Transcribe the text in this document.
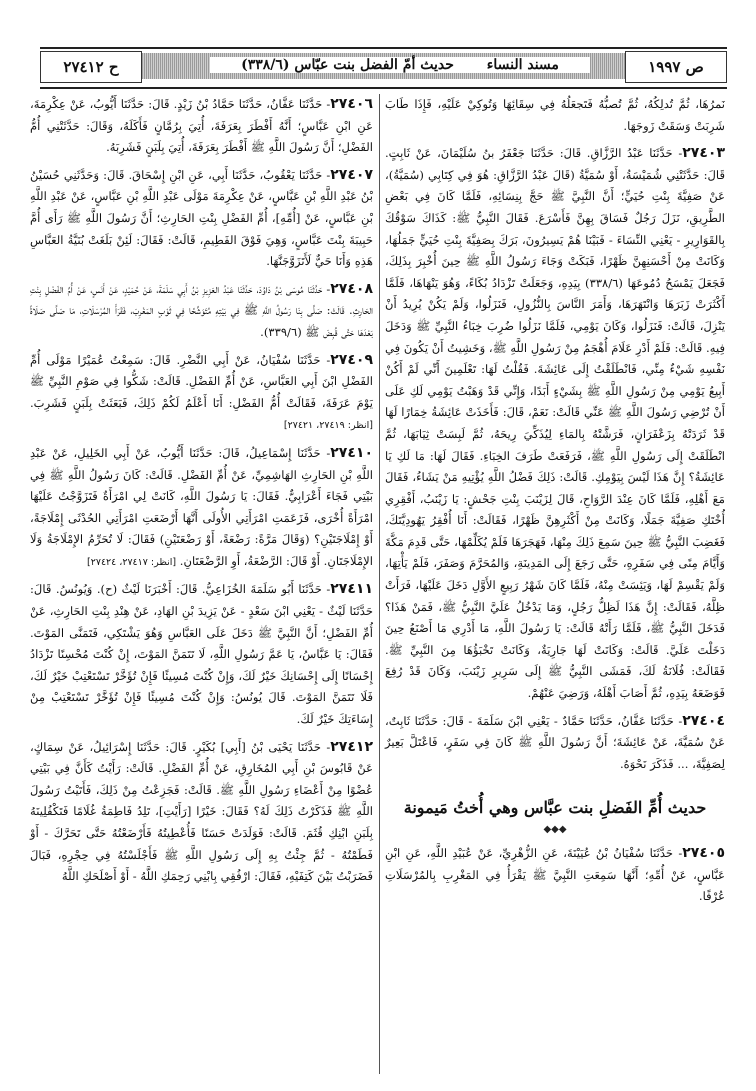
ص ١٩٩٧
مسند النساء حديث أمّ الفضل بنت عبّاس (٣٣٨/٦)
ح ٢٧٤١٢

نَمرُهَا، ثُمَّ تُدلِكُهُ، ثُمَّ تُصبُّهُ فَتَجعَلُهُ فِي سِقَائِهَا وَتُوكِيْ عَلَيْهِ، فَإِذَا طَابَ شَرِبَتْ وَسَقَتْ زَوجَهَا.

٢٧٤٠٣- حَدَّثَنَا عَبْدُ الرَّزَّاقِ. قَالَ: حَدَّثَنَا جَعْفَرُ بنُ سُلَيْمَانَ، عَنْ ثَابِتٍ. قَالَ: حَدَّثَتْنِي شُمَيْسَةُ، أَوْ سُمَيَّةُ (قَالَ عَبْدُ الرَّزَّاقِ: هُوَ فِي كِتَابِي (سُمَيَّةُ)، عَنْ صَفِيَّةَ بِنْتِ حُيَيٍّ؛ أَنَّ النَّبِيَّ ﷺ حَجَّ بِنِسَائِهِ، فَلَمَّا كَانَ فِي بَعْضِ الطَّرِيقِ، نَزَلَ رَجُلٌ فَسَاقَ بِهِنَّ فَأَسْرَعَ. فَقَالَ النَّبِيُّ ﷺ: كَذَاكَ سَوْقُكَ بِالقَوَارِيرِ - يَعْنِي النِّسَاءَ - فَبَيْنَا هُمْ يَسِيرُونَ، بَرَكَ بِصَفِيَّةَ بِنْتِ حُيَيٍّ جَمَلُهَا، وَكَانَتْ مِنْ أَحْسَنِهِنَّ ظَهْرًا، فَبَكَتْ وَجَاءَ رَسُولُ اللَّهِ ﷺ حِينَ أُخْبِرَ بِذَلِكَ، فَجَعَلَ يَمْسَحُ دُمُوعَهَا (٣٣٨/٦) بِيَدِهِ، وَجَعَلَتْ تَزْدَادُ بُكَاءً، وَهُوَ يَنْهَاهَا، فَلَمَّا أَكْثَرَتْ زَبَرَهَا وَانْتَهَرَهَا، وَأَمَرَ النَّاسَ بِالنُّزُولِ، فَنَزَلُوا، وَلَمْ يَكُنْ يُرِيدُ أَنْ يَنْزِلَ، قَالَتْ: فَنَزَلُوا، وَكَانَ يَوْمِي، فَلَمَّا نَزَلُوا ضُرِبَ خِبَاءُ النَّبِيِّ ﷺ وَدَخَلَ فِيهِ. قَالَتْ: فَلَمْ أَدْرِ عَلَامَ أُهْجَمُ مِنْ رَسُولِ اللَّهِ ﷺ، وَخَشِيتُ أَنْ يَكُونَ فِي نَفْسِهِ شَيْءٌ مِنِّي، فَانْطَلَقْتُ إِلَى عَائِشَةَ. فَقُلْتُ لَهَا: تَعْلَمِينَ أَنِّي لَمْ أَكُنْ أَبِيعُ يَوْمِي مِنْ رَسُولِ اللَّهِ ﷺ بِشَيْءٍ أَبَدًا، وَإِنِّي قَدْ وَهَبْتُ يَوْمِي لَكِ عَلَى أَنْ تُرْضِي رَسُولَ اللَّهِ ﷺ عَنِّي قَالَتْ: نَعَمْ، قَالَ: فَأَخَذَتْ عَائِشَةُ خِمَارًا لَهَا قَدْ ثَرَدَتْهُ بِزَعْفَرَانٍ، فَرَشَّتْهُ بِالمَاءِ لِيُذَكِّيَ رِيحَهُ، ثُمَّ لَبِسَتْ ثِيَابَهَا، ثُمَّ انْطَلَقَتْ إِلَى رَسُولِ اللَّهِ ﷺ، فَرَفَعَتْ طَرَفَ الخِبَاءِ. فَقَالَ لَهَا: مَا لَكِ يَا عَائِشَةُ؟ إِنَّ هَذَا لَيْسَ بِيَوْمِكِ. قَالَتْ: ذَلِكَ فَضْلُ اللَّهِ يُؤْتِيهِ مَنْ يَشَاءُ، فَقَالَ مَعَ أَهْلِهِ، فَلَمَّا كَانَ عِنْدَ الرَّوَاحِ، قَالَ لِزَيْنَبَ بِنْتِ جَحْشٍ: يَا زَيْنَبُ، أَفْقِرِي أُخْتَكِ صَفِيَّةَ جَمَلًا، وَكَانَتْ مِنْ أَكْثَرِهِنَّ ظَهْرًا، فَقَالَتْ: أَنَا أُفْقِرُ يَهُودِيَّتَكَ، فَغَضِبَ النَّبِيُّ ﷺ حِينَ سَمِعَ ذَلِكَ مِنْهَا، فَهَجَرَهَا فَلَمْ يُكَلِّمْهَا، حَتَّى قَدِمَ مَكَّةَ وَأَيَّامَ مِنًى فِي سَفَرِهِ، حَتَّى رَجَعَ إِلَى المَدِينَةِ، وَالمُحَرَّمَ وَصَفَرَ، فَلَمْ يَأْتِهَا، وَلَمْ يَقْسِمْ لَهَا، وَيَئِسَتْ مِنْهُ، فَلَمَّا كَانَ شَهْرُ رَبِيعٍ الأَوَّلِ دَخَلَ عَلَيْهَا، فَرَأَتْ ظِلَّهُ، فَقَالَتْ: إِنَّ هَذَا لَظِلُّ رَجُلٍ، وَمَا يَدْخُلُ عَلَيَّ النَّبِيُّ ﷺ، فَمَنْ هَذَا؟ فَدَخَلَ النَّبِيُّ ﷺ، فَلَمَّا رَأَتْهُ قَالَتْ: يَا رَسُولَ اللَّهِ، مَا أَدْرِي مَا أَصْنَعُ حِينَ دَخَلْتَ عَلَيَّ. قَالَتْ: وَكَانَتْ لَهَا جَارِيَةٌ، وَكَانَتْ تَخْبَؤُهَا مِنَ النَّبِيِّ ﷺ. فَقَالَتْ: فُلَانَةُ لَكَ، فَمَشَى النَّبِيُّ ﷺ إِلَى سَرِيرِ زَيْنَبَ، وَكَانَ قَدْ رُفِعَ فَوَضَعَهُ بِيَدِهِ، ثُمَّ أَصَابَ أَهْلَهُ، وَرَضِيَ عَنْهُمْ.

٢٧٤٠٤- حَدَّثَنَا عَفَّانُ، حَدَّثَنَا حَمَّادٌ - يَعْنِي ابْنَ سَلَمَةَ - قَالَ: حَدَّثَنَا ثَابِتٌ، عَنْ سُمَيَّةَ، عَنْ عَائِشَةَ؛ أَنَّ رَسُولَ اللَّهِ ﷺ كَانَ فِي سَفَرٍ، فَاعْتَلَّ بَعِيرٌ لِصَفِيَّةَ، ... فَذَكَرَ نَحْوَهُ.

حديث أُمِّ الفَضلِ بنت عبَّاس وهي أُختُ مَيمونة
◆◆◆

٢٧٤٠٥- حَدَّثَنَا سُفْيَانُ بْنُ عُيَيْنَةَ، عَنِ الزُّهْرِيِّ، عَنْ عُبَيْدِ اللَّهِ، عَنِ ابْنِ عَبَّاسٍ، عَنْ أُمِّهِ؛ أَنَّهَا سَمِعَتِ النَّبِيَّ ﷺ يَقْرَأُ فِي المَغْرِبِ بِالمُرْسَلَاتِ عُرْفًا.

٢٧٤٠٦- حَدَّثَنَا عَفَّانُ، حَدَّثَنَا حَمَّادُ بْنُ زَيْدٍ. قَالَ: حَدَّثَنَا أَيُّوبُ، عَنْ عِكْرِمَةَ، عَنِ ابْنِ عَبَّاسٍ؛ أَنَّهُ أَفْطَرَ بِعَرَفَةَ، أُتِيَ بِرُمَّانٍ فَأَكَلَهُ، وَقَالَ: حَدَّثَتْنِي أُمُّ الفَضْلِ؛ أَنَّ رَسُولَ اللَّهِ ﷺ أَفْطَرَ بِعَرَفَةَ، أُتِيَ بِلَبَنٍ فَشَرِبَهُ.

٢٧٤٠٧- حَدَّثَنَا يَعْقُوبُ، حَدَّثَنَا أَبِي، عَنِ ابْنِ إِسْحَاقَ. قَالَ: وَحَدَّثَنِي حُسَيْنُ بْنُ عَبْدِ اللَّهِ بْنِ عَبَّاسٍ، عَنْ عِكْرِمَةَ مَوْلَى عَبْدِ اللَّهِ بْنِ عَبَّاسٍ، عَنْ عَبْدِ اللَّهِ بْنِ عَبَّاسٍ، عَنْ [أُمِّهِ]، أُمِّ الفَضْلِ بِنْتِ الحَارِثِ؛ أَنَّ رَسُولَ اللَّهِ ﷺ رَأَى أُمَّ حَبِيبَةَ بِنْتَ عَبَّاسٍ، وَهِيَ فَوْقَ الفَطِيمِ، قَالَتْ: فَقَالَ: لَئِنْ بَلَغَتْ بُنَيَّةُ العَبَّاسِ هَذِهِ وَأَنَا حَيٌّ لَأَتَزَوَّجَنَّهَا.

٢٧٤٠٨- حَدَّثَنَا مُوسَى بْنُ دَاوُدَ، حَدَّثَنَا عَبْدُ العَزِيزِ بْنُ أَبِي سَلَمَةَ، عَنْ حُمَيْدٍ، عَنْ أَنَسٍ، عَنْ أُمِّ الفَضْلِ بِنْتِ الحَارِثِ. قَالَتْ: صَلَّى بِنَا رَسُولُ اللَّهِ ﷺ فِي بَيْتِهِ مُتَوَشِّحًا فِي ثَوْبٍ المَغْرِبَ، فَقَرَأَ المُرْسَلَاتِ، مَا صَلَّى صَلَاةً بَعْدَهَا حَتَّى قُبِضَ ﷺ (٣٣٩/٦).

٢٧٤٠٩- حَدَّثَنَا سُفْيَانُ، عَنْ أَبِي النَّضْرِ. قَالَ: سَمِعْتُ عُمَيْرًا مَوْلَى أُمِّ الفَضْلِ ابْنَ أَبِي العَبَّاسِ، عَنْ أُمِّ الفَضْلِ. قَالَتْ: شَكُّوا فِي صَوْمِ النَّبِيِّ ﷺ يَوْمَ عَرَفَةَ، فَقَالَتْ أُمُّ الفَضْلِ: أَنَا أَعْلَمُ لَكُمْ ذَلِكَ، فَبَعَثَتْ بِلَبَنٍ فَشَرِبَ. [انظر: ٢٧٤١٩، ٢٧٤٢١]

٢٧٤١٠- حَدَّثَنَا إِسْمَاعِيلُ، قَالَ: حَدَّثَنَا أَيُّوبُ، عَنْ أَبِي الخَلِيلِ، عَنْ عَبْدِ اللَّهِ بْنِ الحَارِثِ الهَاشِمِيِّ، عَنْ أُمِّ الفَضْلِ. قَالَتْ: كَانَ رَسُولُ اللَّهِ ﷺ فِي بَيْتِي فَجَاءَ أَعْرَابِيٌّ. فَقَالَ: يَا رَسُولَ اللَّهِ، كَانَتْ لِي امْرَأَةٌ فَتَزَوَّجْتُ عَلَيْهَا امْرَأَةً أُخْرَى، فَزَعَمَتِ امْرَأَتِي الأُولَى أَنَّهَا أَرْضَعَتِ امْرَأَتِي الحُدْثَى إِمْلَاجَةً، أَوْ إِمْلَاجَتَيْنِ؟ (وَقَالَ مَرَّةً: رَضْعَةً، أَوْ رَضْعَتَيْنِ) فَقَالَ: لَا تُحَرِّمُ الإِمْلَاجَةُ وَلَا الإِمْلَاجَتَانِ. أَوْ قَالَ: الرَّضْعَةُ، أَوِ الرَّضْعَتَانِ. [انظر: ٢٧٤١٧، ٢٧٤٢٤]

٢٧٤١١- حَدَّثَنَا أَبُو سَلَمَةَ الخُزَاعِيُّ. قَالَ: أَخْبَرَنَا لَيْثٌ (ح). وَيُونُسُ. قَالَ: حَدَّثَنَا لَيْثٌ - يَعْنِي ابْنَ سَعْدٍ - عَنْ يَزِيدَ بْنِ الهَادِ، عَنْ هِنْدِ بِنْتِ الحَارِثِ، عَنْ أُمِّ الفَضْلِ؛ أَنَّ النَّبِيَّ ﷺ دَخَلَ عَلَى العَبَّاسِ وَهُوَ يَشْتَكِي، فَتَمَنَّى المَوْتَ. فَقَالَ: يَا عَبَّاسُ، يَا عَمَّ رَسُولِ اللَّهِ، لَا تَتَمَنَّ المَوْتَ، إِنْ كُنْتَ مُحْسِنًا تَزْدَادُ إِحْسَانًا إِلَى إِحْسَانِكَ خَيْرٌ لَكَ، وَإِنْ كُنْتَ مُسِيئًا فَإِنْ تُؤَخَّرْ تَسْتَعْتِبْ خَيْرٌ لَكَ، فَلَا تَتَمَنَّ المَوْتَ. قَالَ يُونُسُ: وَإِنْ كُنْتَ مُسِيئًا فَإِنْ تُؤَخَّرْ تَسْتَعْتِبْ مِنْ إِسَاءَتِكَ خَيْرٌ لَكَ.

٢٧٤١٢- حَدَّثَنَا يَحْيَى بْنُ [أَبِي] بُكَيْرٍ. قَالَ: حَدَّثَنَا إِسْرَائِيلُ، عَنْ سِمَاكٍ، عَنْ قَابُوسَ بْنِ أَبِي المُخَارِقِ، عَنْ أُمِّ الفَضْلِ. قَالَتْ: رَأَيْتُ كَأَنَّ فِي بَيْتِي عُضْوًا مِنْ أَعْضَاءِ رَسُولِ اللَّهِ ﷺ. قَالَتْ: فَجَزِعْتُ مِنْ ذَلِكَ، فَأَتَيْتُ رَسُولَ اللَّهِ ﷺ فَذَكَرْتُ ذَلِكَ لَهُ؟ فَقَالَ: خَيْرًا [رَأَيْتِ]، تَلِدُ فَاطِمَةُ غُلَامًا فَتَكْفُلِينَهُ بِلَبَنِ ابْنِكِ قُثَمَ. قَالَتْ: فَوَلَدَتْ حَسَنًا فَأُعْطِيتُهُ فَأَرْضَعْتُهُ حَتَّى تَحَرَّكَ - أَوْ فَطَمْتُهُ - ثُمَّ جِئْتُ بِهِ إِلَى رَسُولِ اللَّهِ ﷺ فَأَجْلَسْتُهُ فِي حِجْرِهِ، فَبَالَ فَضَرَبْتُ بَيْنَ كَتِفَيْهِ، فَقَالَ: ارْفُقِي بِابْنِي رَحِمَكِ اللَّهُ - أَوْ أَصْلَحَكِ اللَّهُ
